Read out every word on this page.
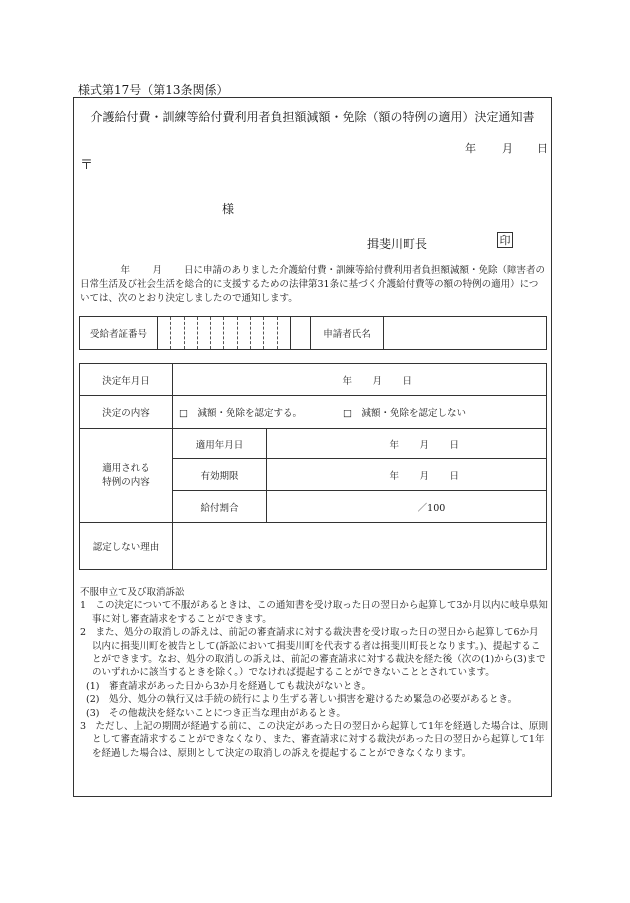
様式第17号（第13条関係）
介護給付費・訓練等給付費利用者負担額減額・免除（額の特例の適用）決定通知書
年 月 日
〒
様
揖斐川町長	印

年 月 日に申請のありました介護給付費・訓練等給付費利用者負担額減額・免除（障害者の日常生活及び社会生活を総合的に支援するための法律第31条に基づく介護給付費等の額の特例の適用）については、次のとおり決定しましたので通知します。

受給者証番号			申請者氏名	
決定年月日	年 月 日	
決定の内容	□　減額・免除を認定する。 □　減額・免除を認定しない	

適用される
特例の内容	適用年月日	年 月 日
	有効期限	年 月 日
	給付割合	／100
認定しない理由		
不服申立て及び取消訴訟
1　この決定について不服があるときは、この通知書を受け取った日の翌日から起算して3か月以内に岐阜県知事に対し審査請求をすることができます。
2　また、処分の取消しの訴えは、前記の審査請求に対する裁決書を受け取った日の翌日から起算して6か月以内に揖斐川町を被告として(訴訟において揖斐川町を代表する者は揖斐川町長となります。)、提起することができます。なお、処分の取消しの訴えは、前記の審査請求に対する裁決を経た後（次の(1)から(3)までのいずれかに該当するときを除く。）でなければ提起することができないこととされています。
(1)　審査請求があった日から3か月を経過しても裁決がないとき。
(2)　処分、処分の執行又は手続の続行により生ずる著しい損害を避けるため緊急の必要があるとき。
(3)　その他裁決を経ないことにつき正当な理由があるとき。
3　ただし、上記の期間が経過する前に、この決定があった日の翌日から起算して1年を経過した場合は、原則として審査請求することができなくなり、また、審査請求に対する裁決があった日の翌日から起算して1年を経過した場合は、原則として決定の取消しの訴えを提起することができなくなります。
